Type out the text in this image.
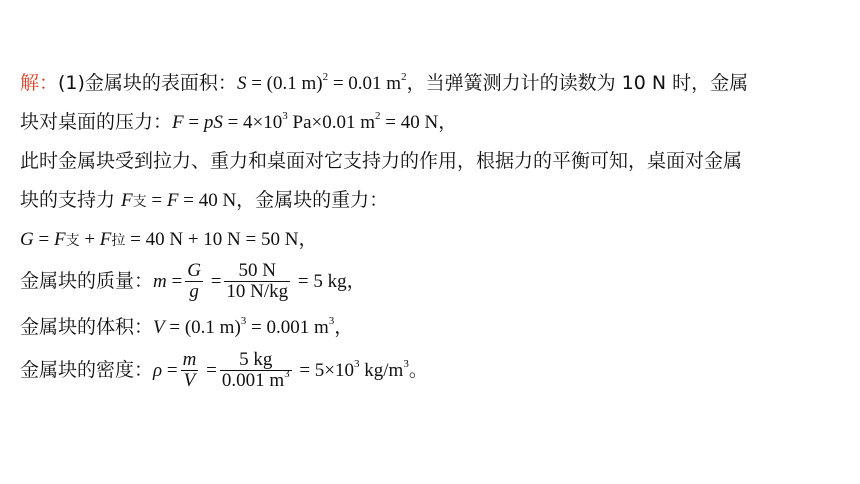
解：(1)金属块的表面积：S = (0.1 m)$^2$ = 0.01 $m^2$，当弹簧测力计的读数为 10 N 时，金属
块对桌面的压力：F = pS = $4\times 10^3$ Pa×0.01 $m^2 = 40$ N，
此时金属块受到拉力、重力和桌面对它支持力的作用，根据力的平衡可知，桌面对金属
块的支持力 F支 = F = 40 N，金属块的重力：
G = F支 + F拉 = 40 N + 10 N = 50 N，
金属块的质量：$m = \frac{G}{g} = \frac{50 N}{10 N/kg} = 5$ kg，
金属块的体积：V = (0.1 m)$^3$ = 0.001 $m^3$，
金属块的密度：$\rho = \frac{m}{V} = \frac{5 kg}{0.001 m^3} = 5\times 10^3$ $kg/m^3$。
